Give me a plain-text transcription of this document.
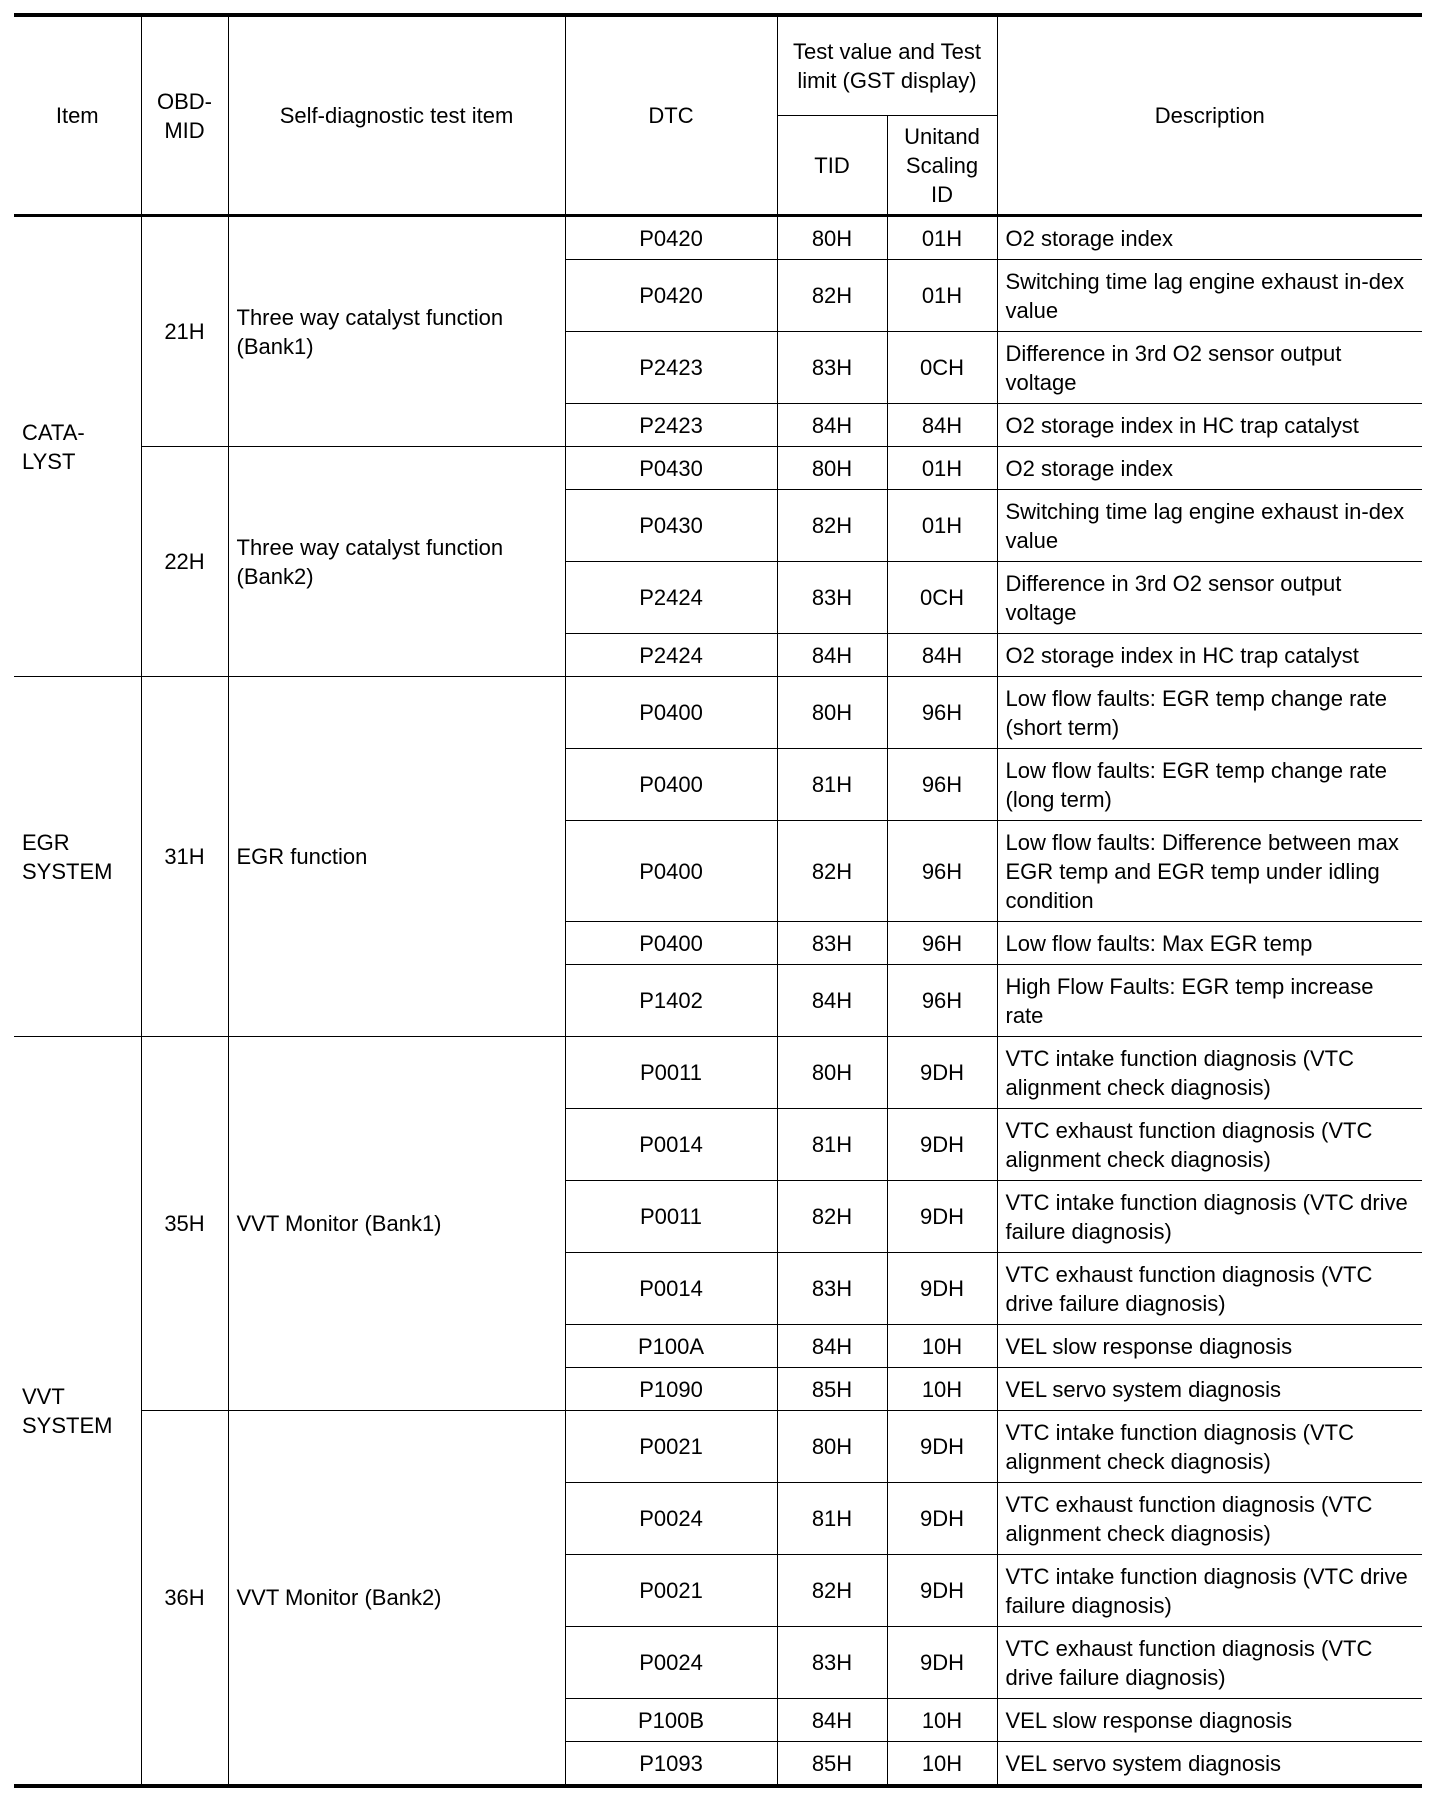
Item	OBD-MID	Self-diagnostic test item	DTC	Test value and Test limit (GST display)		Description
				TID	Unitand Scaling ID	
CATA-LYST	21H	Three way catalyst function (Bank1)	P0420	80H	01H	O2 storage index
			P0420	82H	01H	Switching time lag engine exhaust in-dex value
			P2423	83H	0CH	Difference in 3rd O2 sensor output voltage
			P2423	84H	84H	O2 storage index in HC trap catalyst
	22H	Three way catalyst function (Bank2)	P0430	80H	01H	O2 storage index
			P0430	82H	01H	Switching time lag engine exhaust in-dex value
			P2424	83H	0CH	Difference in 3rd O2 sensor output voltage
			P2424	84H	84H	O2 storage index in HC trap catalyst
EGR SYSTEM	31H	EGR function	P0400	80H	96H	Low flow faults: EGR temp change rate (short term)
			P0400	81H	96H	Low flow faults: EGR temp change rate (long term)
			P0400	82H	96H	Low flow faults: Difference between max EGR temp and EGR temp under idling condition
			P0400	83H	96H	Low flow faults: Max EGR temp
			P1402	84H	96H	High Flow Faults: EGR temp increase rate
VVT SYSTEM	35H	VVT Monitor (Bank1)	P0011	80H	9DH	VTC intake function diagnosis (VTC alignment check diagnosis)
			P0014	81H	9DH	VTC exhaust function diagnosis (VTC alignment check diagnosis)
			P0011	82H	9DH	VTC intake function diagnosis (VTC drive failure diagnosis)
			P0014	83H	9DH	VTC exhaust function diagnosis (VTC drive failure diagnosis)
			P100A	84H	10H	VEL slow response diagnosis
			P1090	85H	10H	VEL servo system diagnosis
	36H	VVT Monitor (Bank2)	P0021	80H	9DH	VTC intake function diagnosis (VTC alignment check diagnosis)
			P0024	81H	9DH	VTC exhaust function diagnosis (VTC alignment check diagnosis)
			P0021	82H	9DH	VTC intake function diagnosis (VTC drive failure diagnosis)
			P0024	83H	9DH	VTC exhaust function diagnosis (VTC drive failure diagnosis)
			P100B	84H	10H	VEL slow response diagnosis
			P1093	85H	10H	VEL servo system diagnosis
